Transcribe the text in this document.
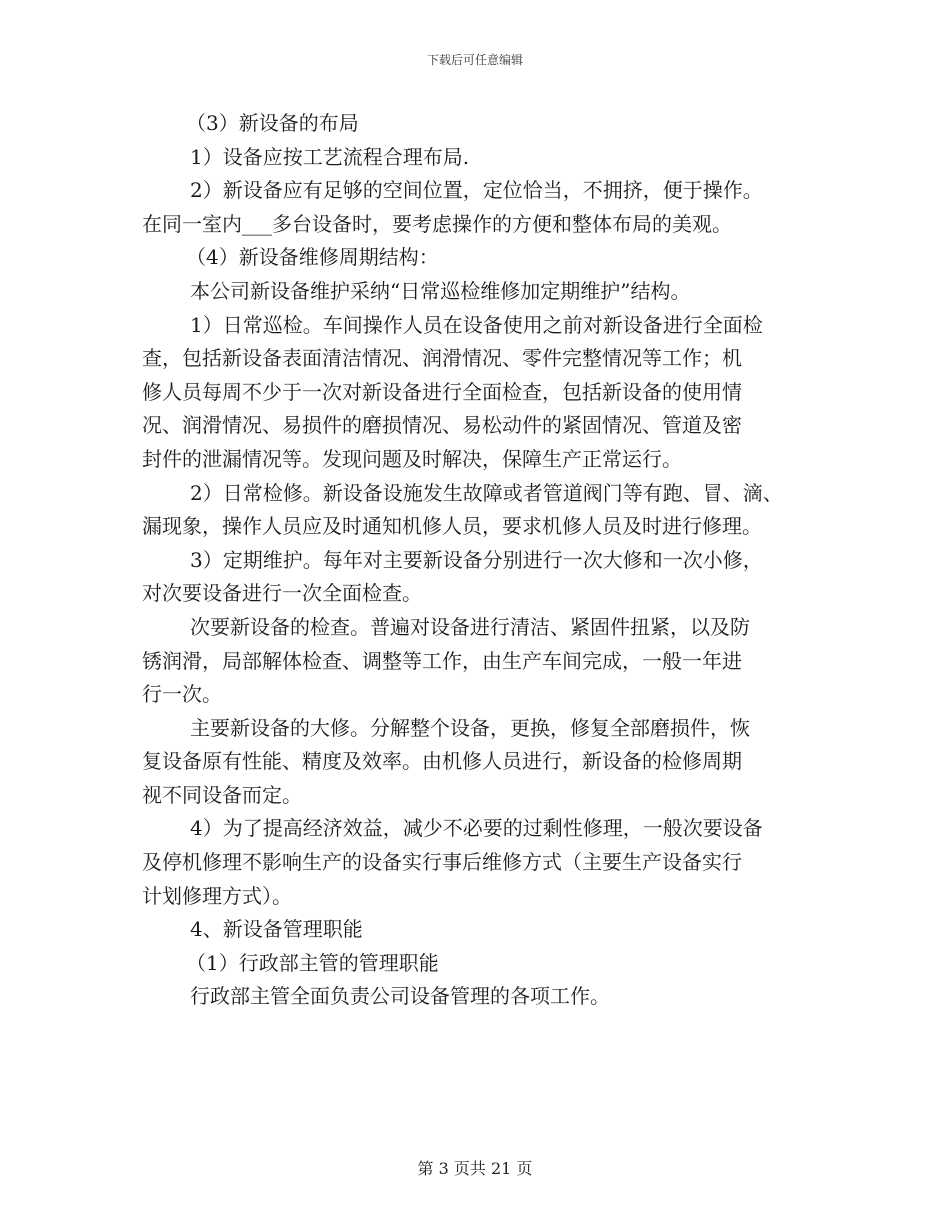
下载后可任意编辑
（3）新设备的布局
1）设备应按工艺流程合理布局.
2）新设备应有足够的空间位置，定位恰当，不拥挤，便于操作。
在同一室内___多台设备时，要考虑操作的方便和整体布局的美观。
（4）新设备维修周期结构：
本公司新设备维护采纳“日常巡检维修加定期维护”结构。
1）日常巡检。车间操作人员在设备使用之前对新设备进行全面检
查，包括新设备表面清洁情况、润滑情况、零件完整情况等工作；机
修人员每周不少于一次对新设备进行全面检查，包括新设备的使用情
况、润滑情况、易损件的磨损情况、易松动件的紧固情况、管道及密
封件的泄漏情况等。发现问题及时解决，保障生产正常运行。
2）日常检修。新设备设施发生故障或者管道阀门等有跑、冒、滴、
漏现象，操作人员应及时通知机修人员，要求机修人员及时进行修理。
3）定期维护。每年对主要新设备分别进行一次大修和一次小修，
对次要设备进行一次全面检查。
次要新设备的检查。普遍对设备进行清洁、紧固件扭紧，以及防
锈润滑，局部解体检查、调整等工作，由生产车间完成，一般一年进
行一次。
主要新设备的大修。分解整个设备，更换，修复全部磨损件，恢
复设备原有性能、精度及效率。由机修人员进行，新设备的检修周期
视不同设备而定。
4）为了提高经济效益，减少不必要的过剩性修理，一般次要设备
及停机修理不影响生产的设备实行事后维修方式（主要生产设备实行
计划修理方式）。
4、新设备管理职能
（1）行政部主管的管理职能
行政部主管全面负责公司设备管理的各项工作。
第 3 页共 21 页
